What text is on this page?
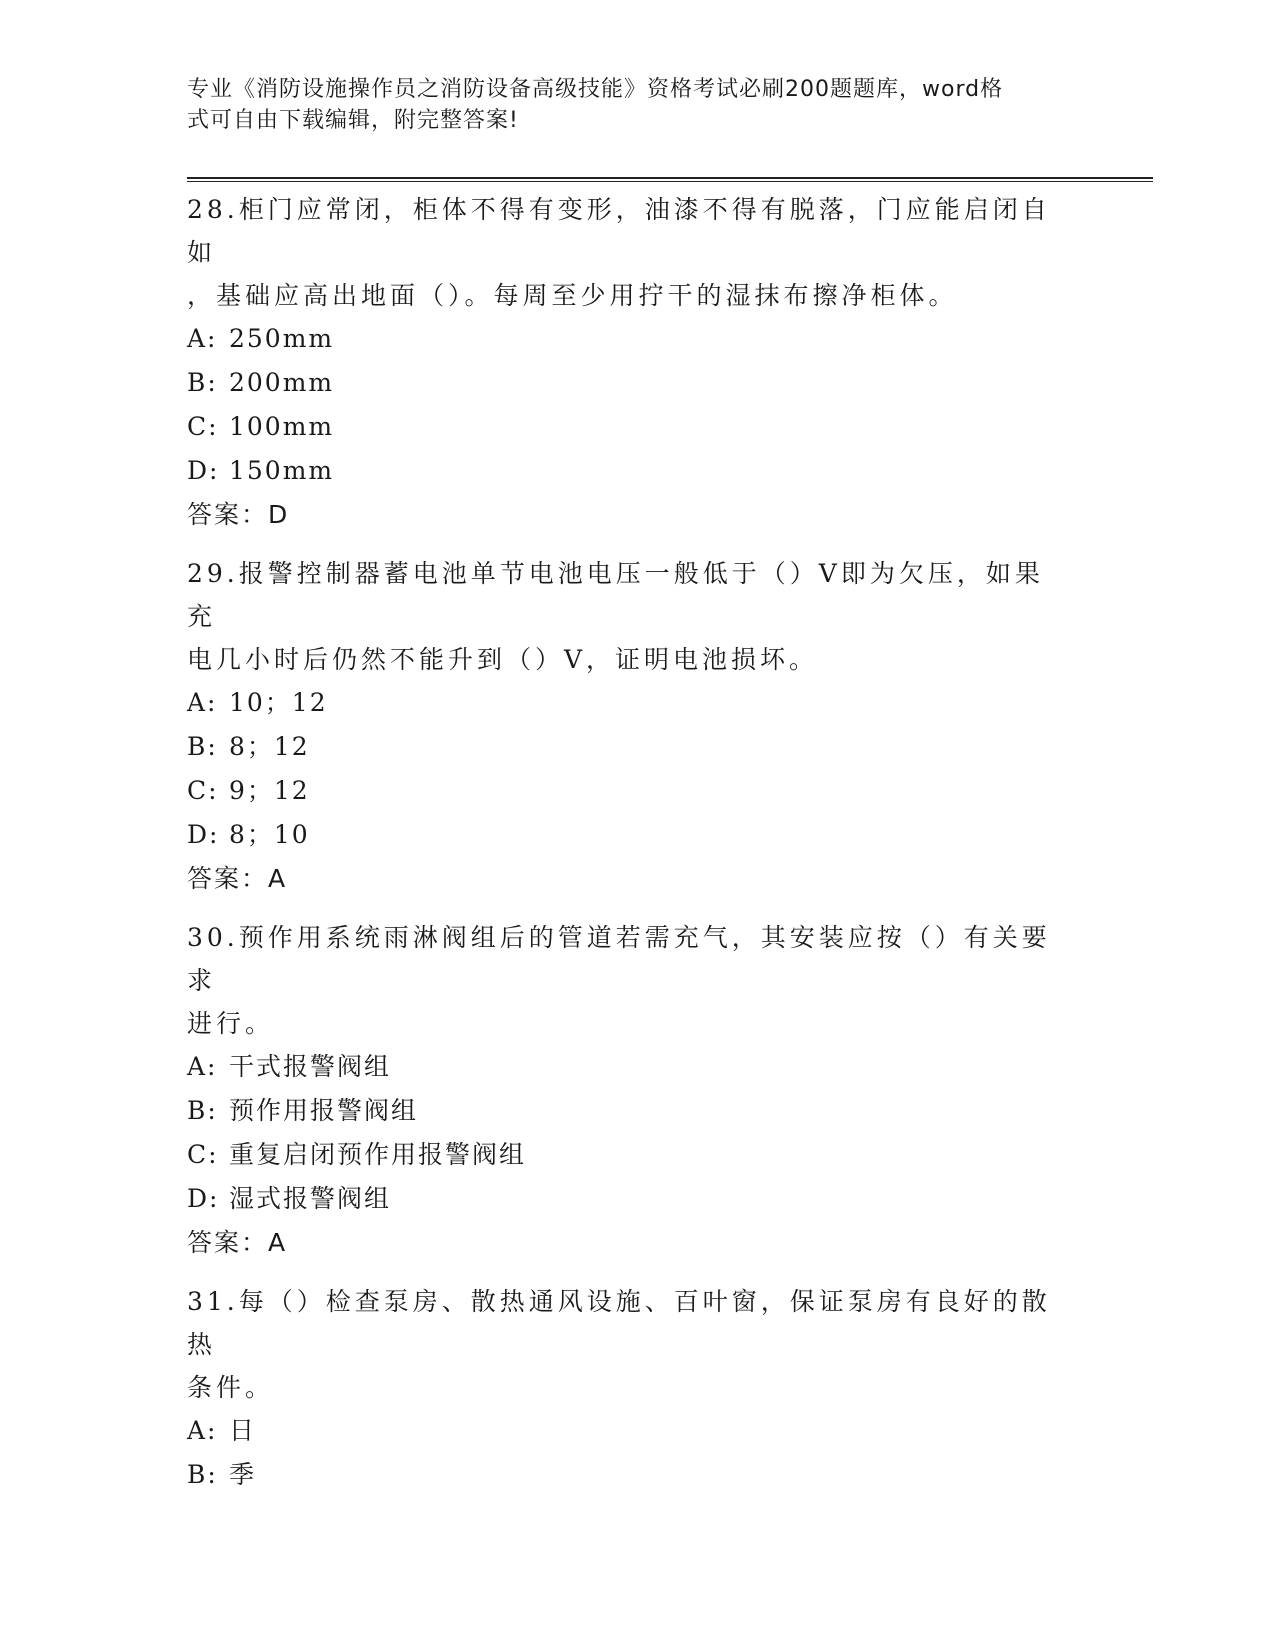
专业《消防设施操作员之消防设备高级技能》资格考试必刷200题题库，word格
式可自由下载编辑，附完整答案!
28.柜门应常闭，柜体不得有变形，油漆不得有脱落，门应能启闭自如
，基础应高出地面（）。每周至少用拧干的湿抹布擦净柜体。
A: 250mm
B: 200mm
C: 100mm
D: 150mm
答案：D
29.报警控制器蓄电池单节电池电压一般低于（）V即为欠压，如果充
电几小时后仍然不能升到（）V，证明电池损坏。
A: 10；12
B: 8；12
C: 9；12
D: 8；10
答案：A
30.预作用系统雨淋阀组后的管道若需充气，其安装应按（）有关要求
进行。
A: 干式报警阀组
B: 预作用报警阀组
C: 重复启闭预作用报警阀组
D: 湿式报警阀组
答案：A
31.每（）检查泵房、散热通风设施、百叶窗，保证泵房有良好的散热
条件。
A: 日
B: 季
